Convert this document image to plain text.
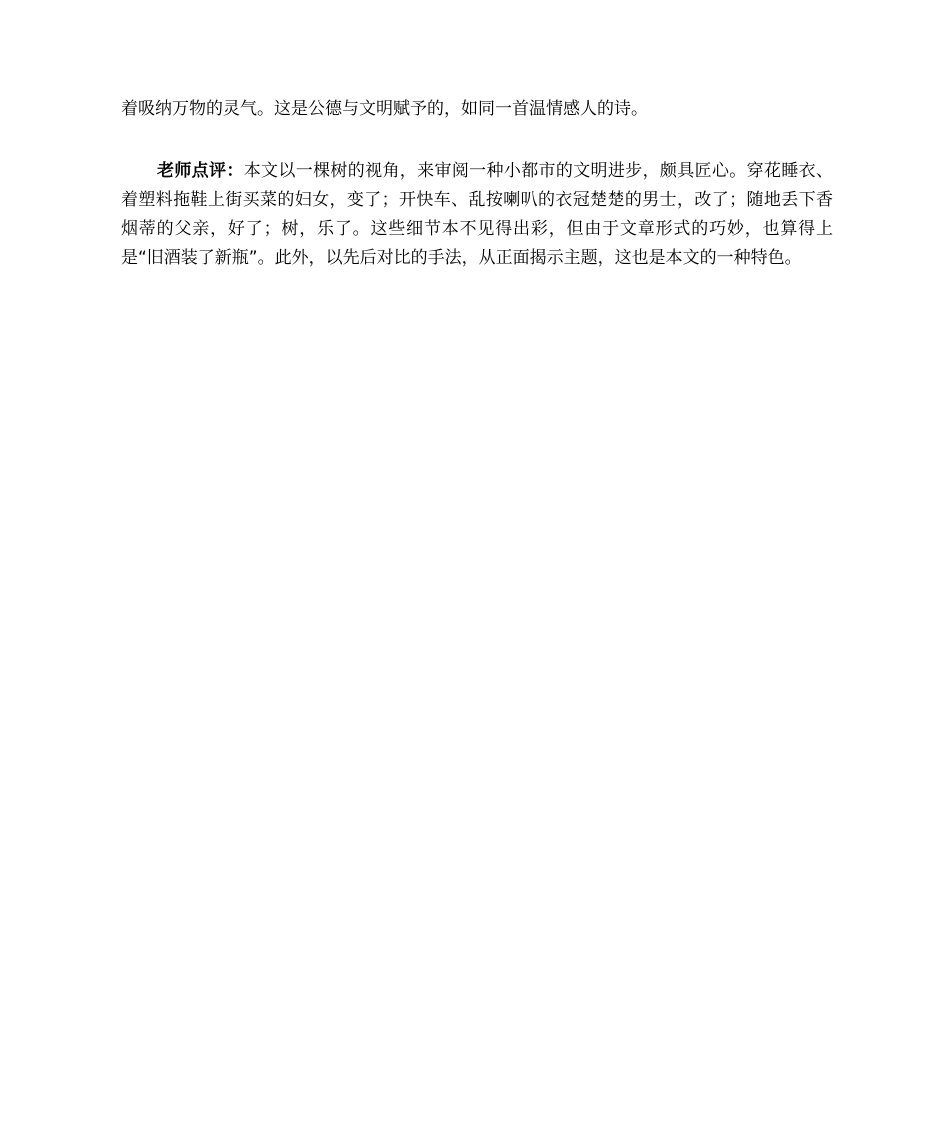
着吸纳万物的灵气。这是公德与文明赋予的，如同一首温情感人的诗。

老师点评：本文以一棵树的视角，来审阅一种小都市的文明进步，颇具匠心。穿花睡衣、着塑料拖鞋上街买菜的妇女，变了；开快车、乱按喇叭的衣冠楚楚的男士，改了；随地丢下香烟蒂的父亲，好了；树，乐了。这些细节本不见得出彩，但由于文章形式的巧妙，也算得上是“旧酒装了新瓶”。此外，以先后对比的手法，从正面揭示主题，这也是本文的一种特色。
